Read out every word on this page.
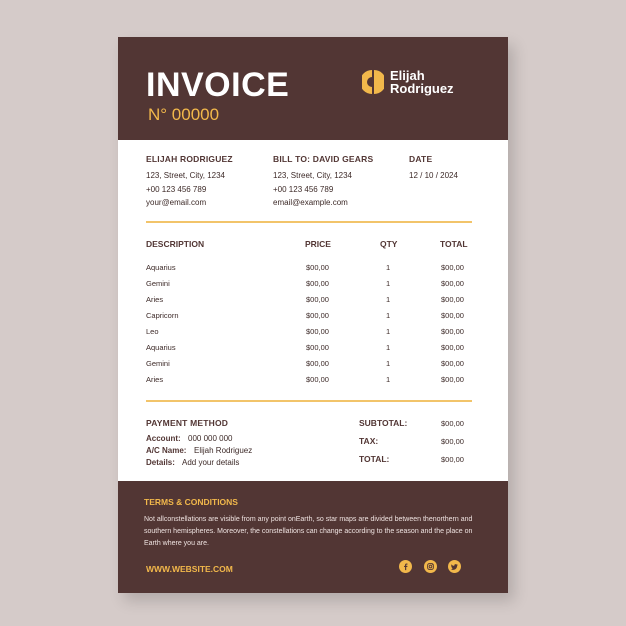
INVOICE
N° 00000
Elijah
Rodriguez
ELIJAH RODRIGUEZ
123, Street, City, 1234
+00 123 456 789
your@email.com
BILL TO: DAVID GEARS
123, Street, City, 1234
+00 123 456 789
email@example.com
DATE
12 / 10 / 2024
DESCRIPTION	PRICE	QTY	TOTAL
Aquarius	$00,00	1	$00,00
Gemini	$00,00	1	$00,00
Aries	$00,00	1	$00,00
Capricorn	$00,00	1	$00,00
Leo	$00,00	1	$00,00
Aquarius	$00,00	1	$00,00
Gemini	$00,00	1	$00,00
Aries	$00,00	1	$00,00
PAYMENT METHOD
Account: 000 000 000
A/C Name: Elijah Rodriguez
Details: Add your details
SUBTOTAL:	$00,00
TAX:	$00,00
TOTAL:	$00,00
TERMS & CONDITIONS
Not allconstellations are visible from any point onEarth, so star maps are divided between thenorthern and southern hemispheres. Moreover, the constellations can change according to the season and the place on Earth where you are.
WWW.WEBSITE.COM
